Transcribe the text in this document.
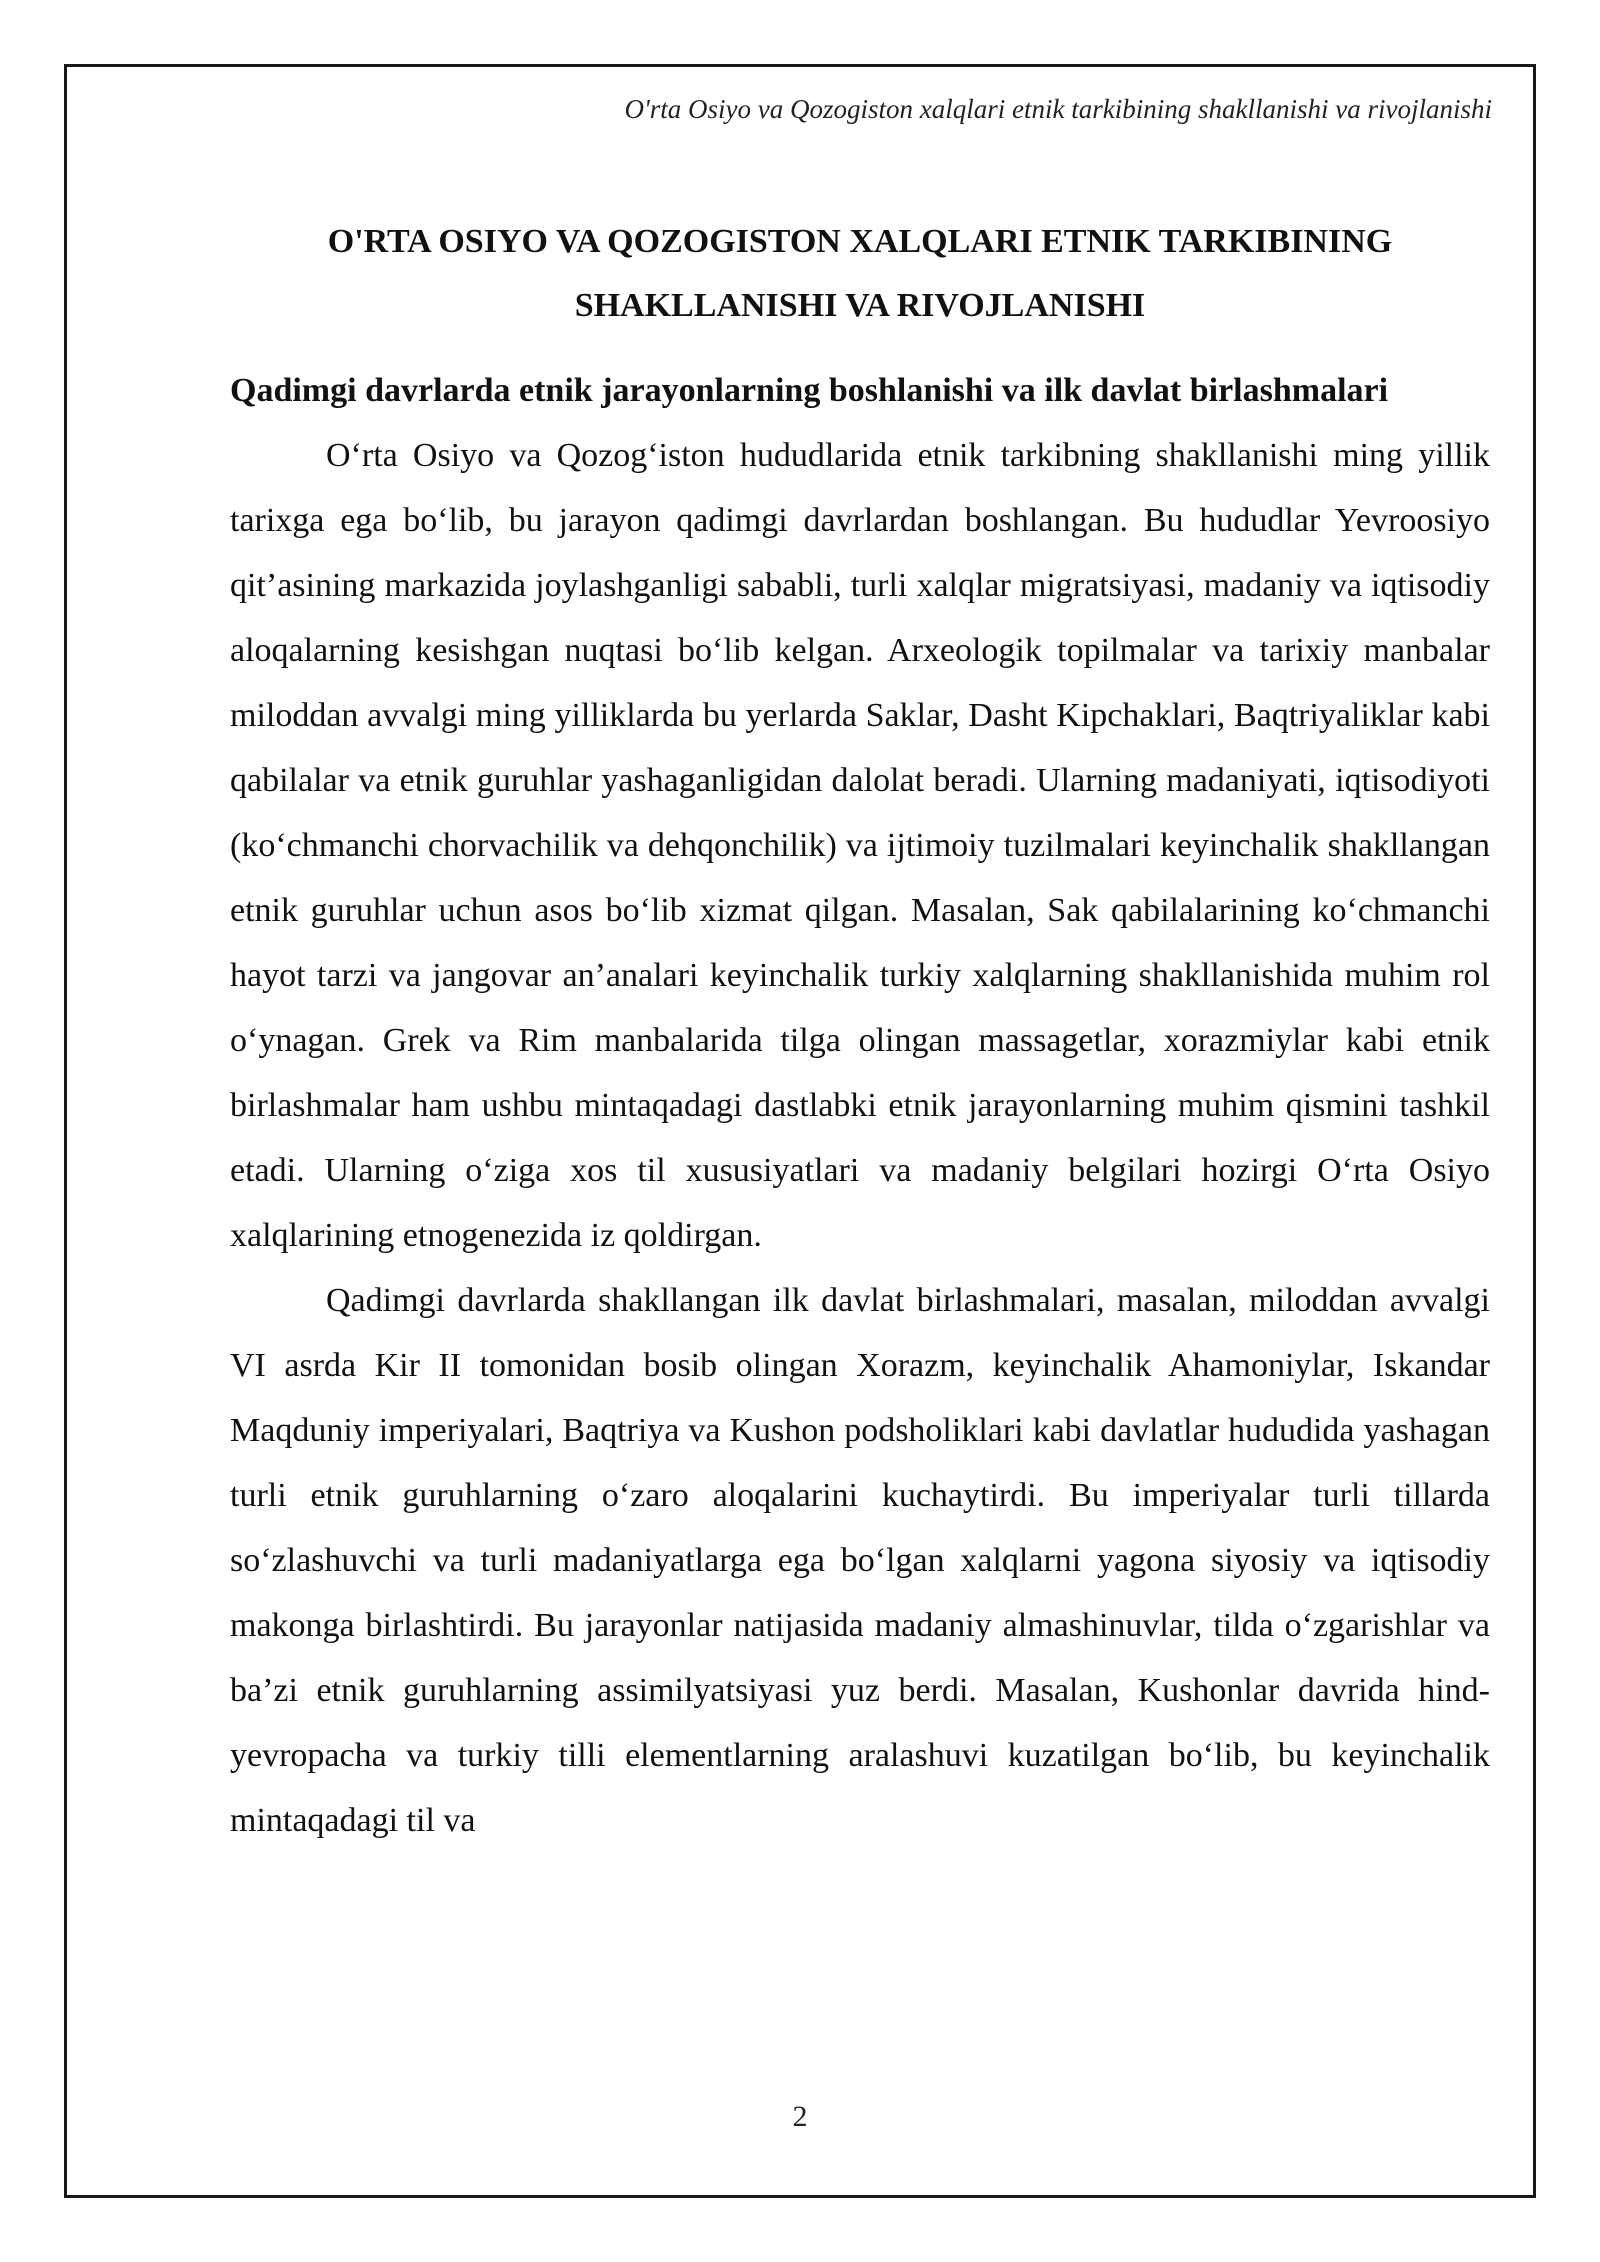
O'rta Osiyo va Qozogiston xalqlari etnik tarkibining shakllanishi va rivojlanishi
O'RTA OSIYO VA QOZOGISTON XALQLARI ETNIK TARKIBINING SHAKLLANISHI VA RIVOJLANISHI
Qadimgi davrlarda etnik jarayonlarning boshlanishi va ilk davlat birlashmalari

O‘rta Osiyo va Qozog‘iston hududlarida etnik tarkibning shakllanishi ming yillik tarixga ega bo‘lib, bu jarayon qadimgi davrlardan boshlangan. Bu hududlar Yevroosiyo qit’asining markazida joylashganligi sababli, turli xalqlar migratsiyasi, madaniy va iqtisodiy aloqalarning kesishgan nuqtasi bo‘lib kelgan. Arxeologik topilmalar va tarixiy manbalar miloddan avvalgi ming yilliklarda bu yerlarda Saklar, Dasht Kipchaklari, Baqtriyaliklar kabi qabilalar va etnik guruhlar yashaganligidan dalolat beradi. Ularning madaniyati, iqtisodiyoti (ko‘chmanchi chorvachilik va dehqonchilik) va ijtimoiy tuzilmalari keyinchalik shakllangan etnik guruhlar uchun asos bo‘lib xizmat qilgan. Masalan, Sak qabilalarining ko‘chmanchi hayot tarzi va jangovar an’analari keyinchalik turkiy xalqlarning shakllanishida muhim rol o‘ynagan. Grek va Rim manbalarida tilga olingan massagetlar, xorazmiylar kabi etnik birlashmalar ham ushbu mintaqadagi dastlabki etnik jarayonlarning muhim qismini tashkil etadi. Ularning o‘ziga xos til xususiyatlari va madaniy belgilari hozirgi O‘rta Osiyo xalqlarining etnogenezida iz qoldirgan.

Qadimgi davrlarda shakllangan ilk davlat birlashmalari, masalan, miloddan avvalgi VI asrda Kir II tomonidan bosib olingan Xorazm, keyinchalik Ahamoniylar, Iskandar Maqduniy imperiyalari, Baqtriya va Kushon podsholiklari kabi davlatlar hududida yashagan turli etnik guruhlarning o‘zaro aloqalarini kuchaytirdi. Bu imperiyalar turli tillarda so‘zlashuvchi va turli madaniyatlarga ega bo‘lgan xalqlarni yagona siyosiy va iqtisodiy makonga birlashtirdi. Bu jarayonlar natijasida madaniy almashinuvlar, tilda o‘zgarishlar va ba’zi etnik guruhlarning assimilyatsiyasi yuz berdi. Masalan, Kushonlar davrida hind-yevropacha va turkiy tilli elementlarning aralashuvi kuzatilgan bo‘lib, bu keyinchalik mintaqadagi til va

2
